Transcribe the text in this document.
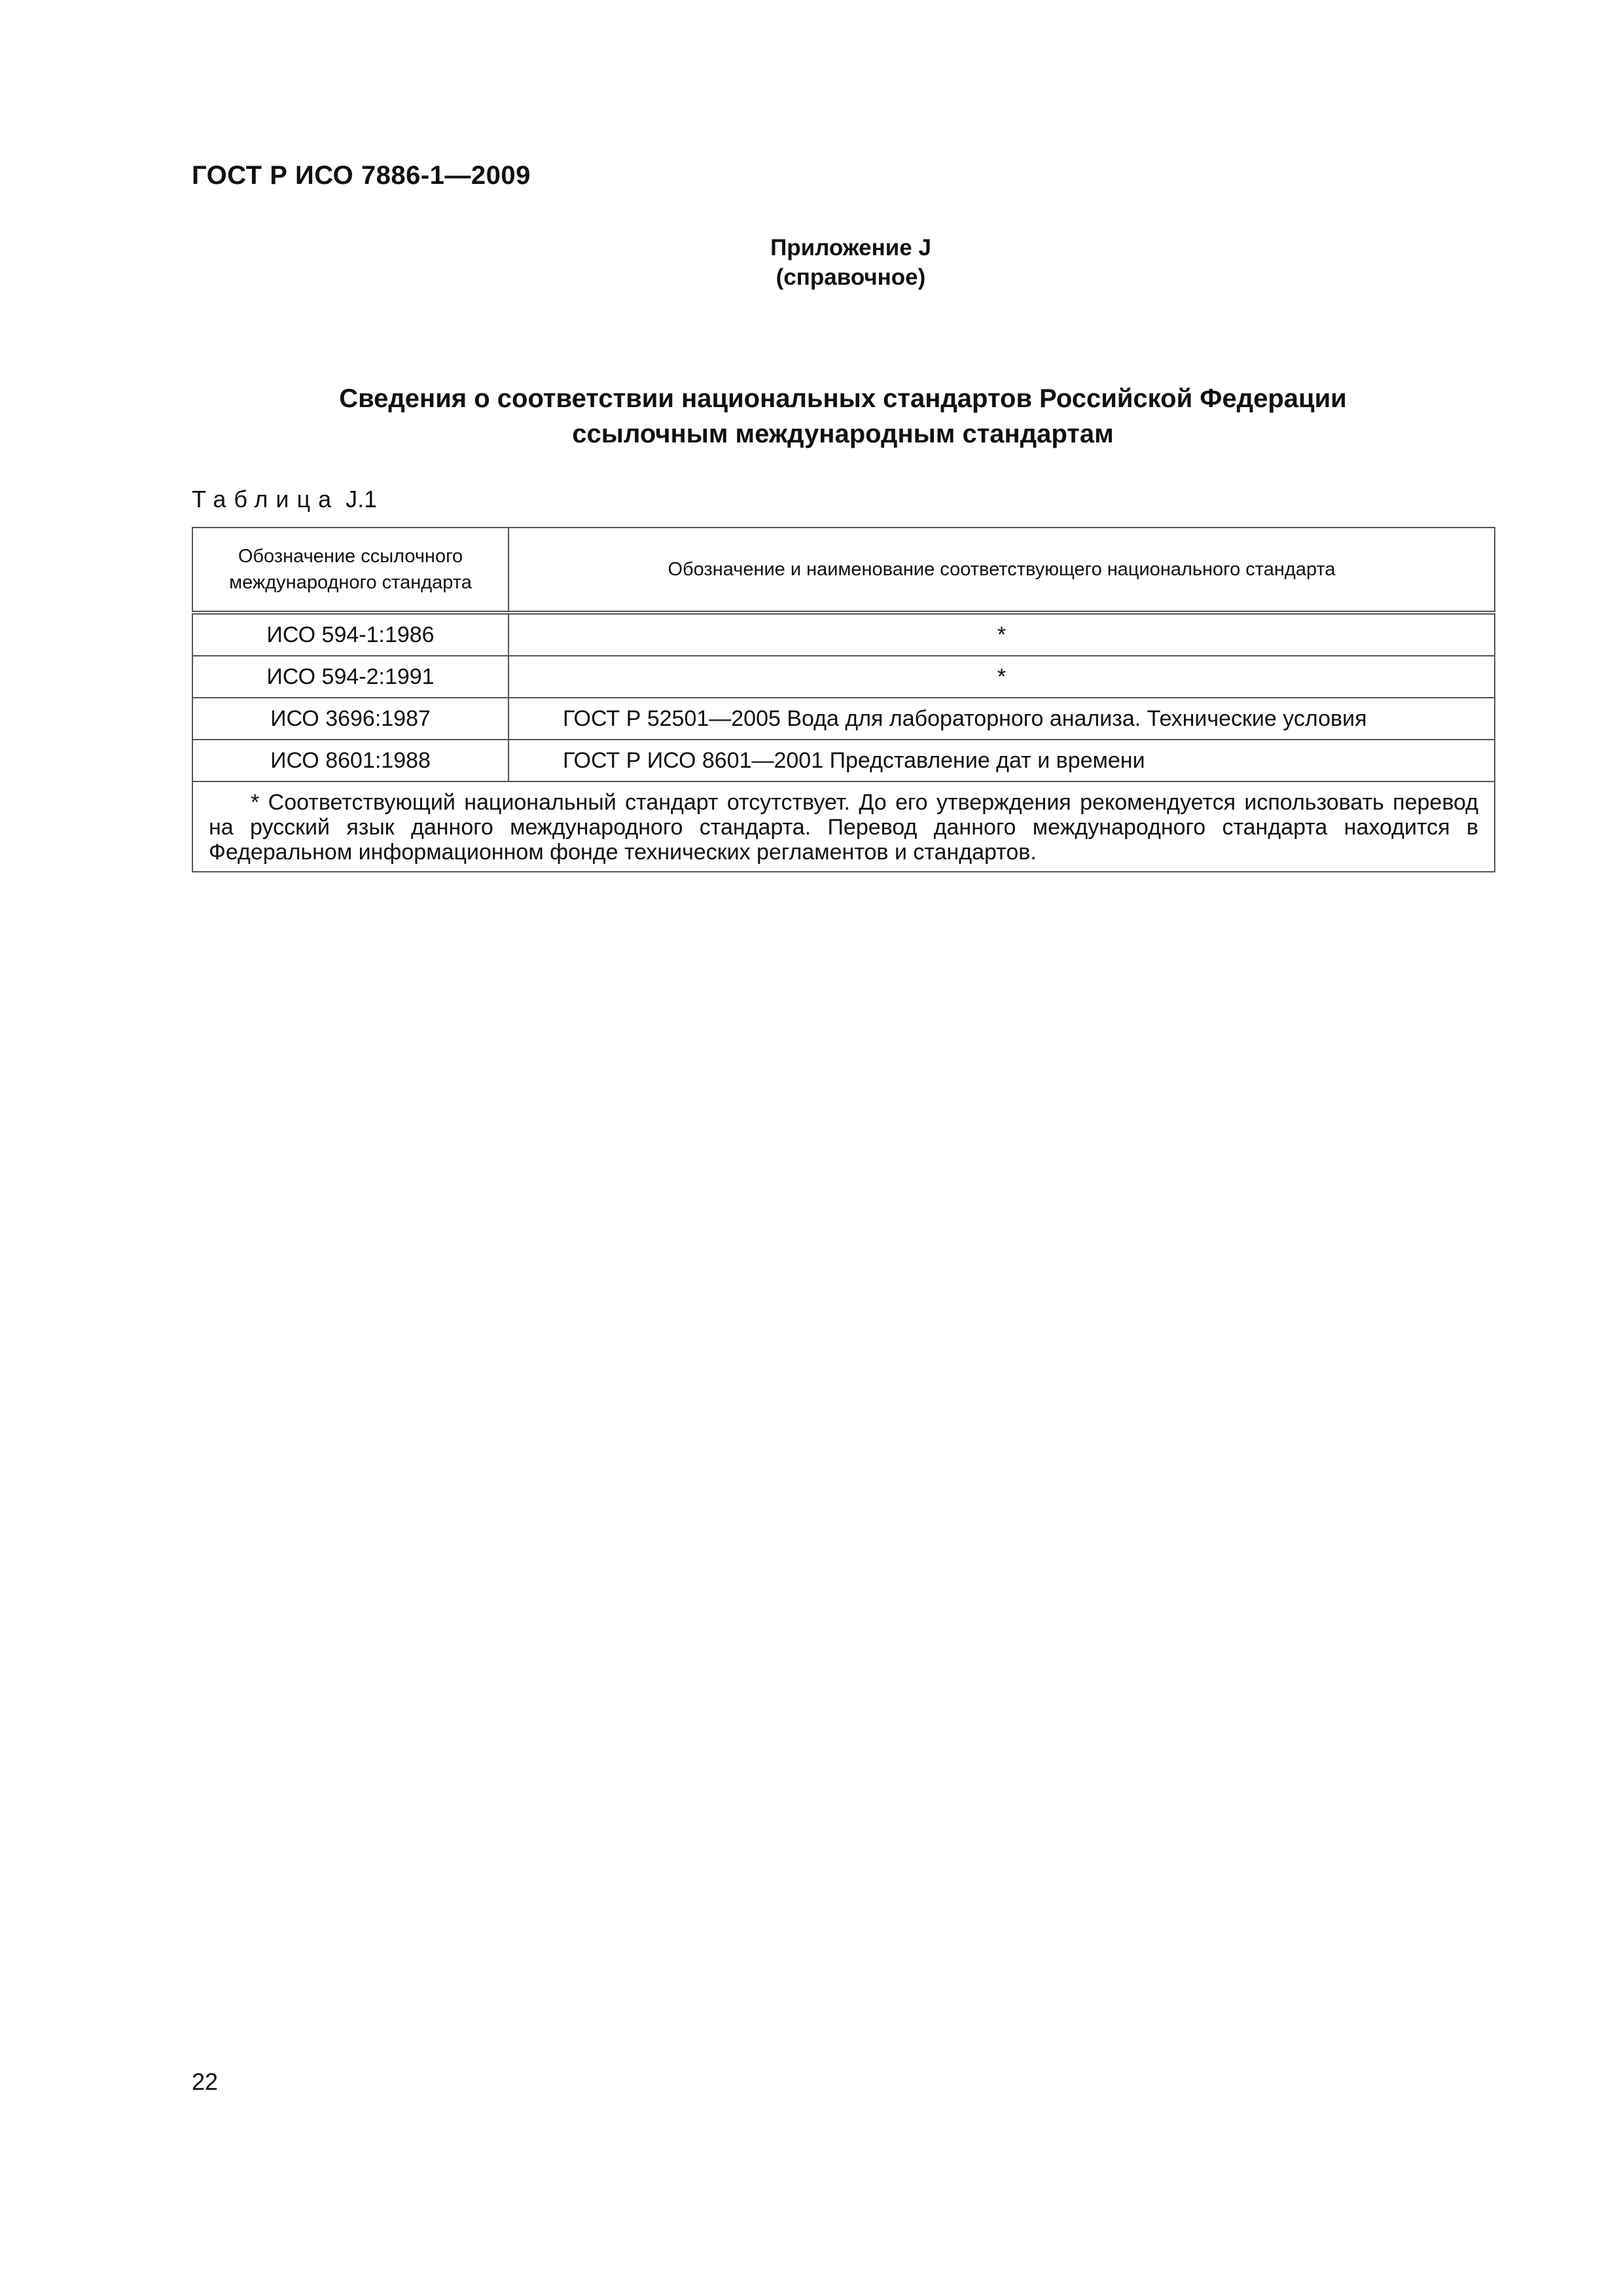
ГОСТ Р ИСО 7886-1—2009
Приложение J
(справочное)
Сведения о соответствии национальных стандартов Российской Федерации
ссылочным международным стандартам
Таблица J.1
Обозначение ссылочного международного стандарта	Обозначение и наименование соответствующего национального стандарта
ИСО 594-1:1986	*
ИСО 594-2:1991	*
ИСО 3696:1987	ГОСТ Р 52501—2005 Вода для лабораторного анализа. Технические условия
ИСО 8601:1988	ГОСТ Р ИСО 8601—2001 Представление дат и времени
* Соответствующий национальный стандарт отсутствует. До его утверждения рекомендуется использовать перевод на русский язык данного международного стандарта. Перевод данного международного стандарта находится в Федеральном информационном фонде технических регламентов и стандартов.	
22
